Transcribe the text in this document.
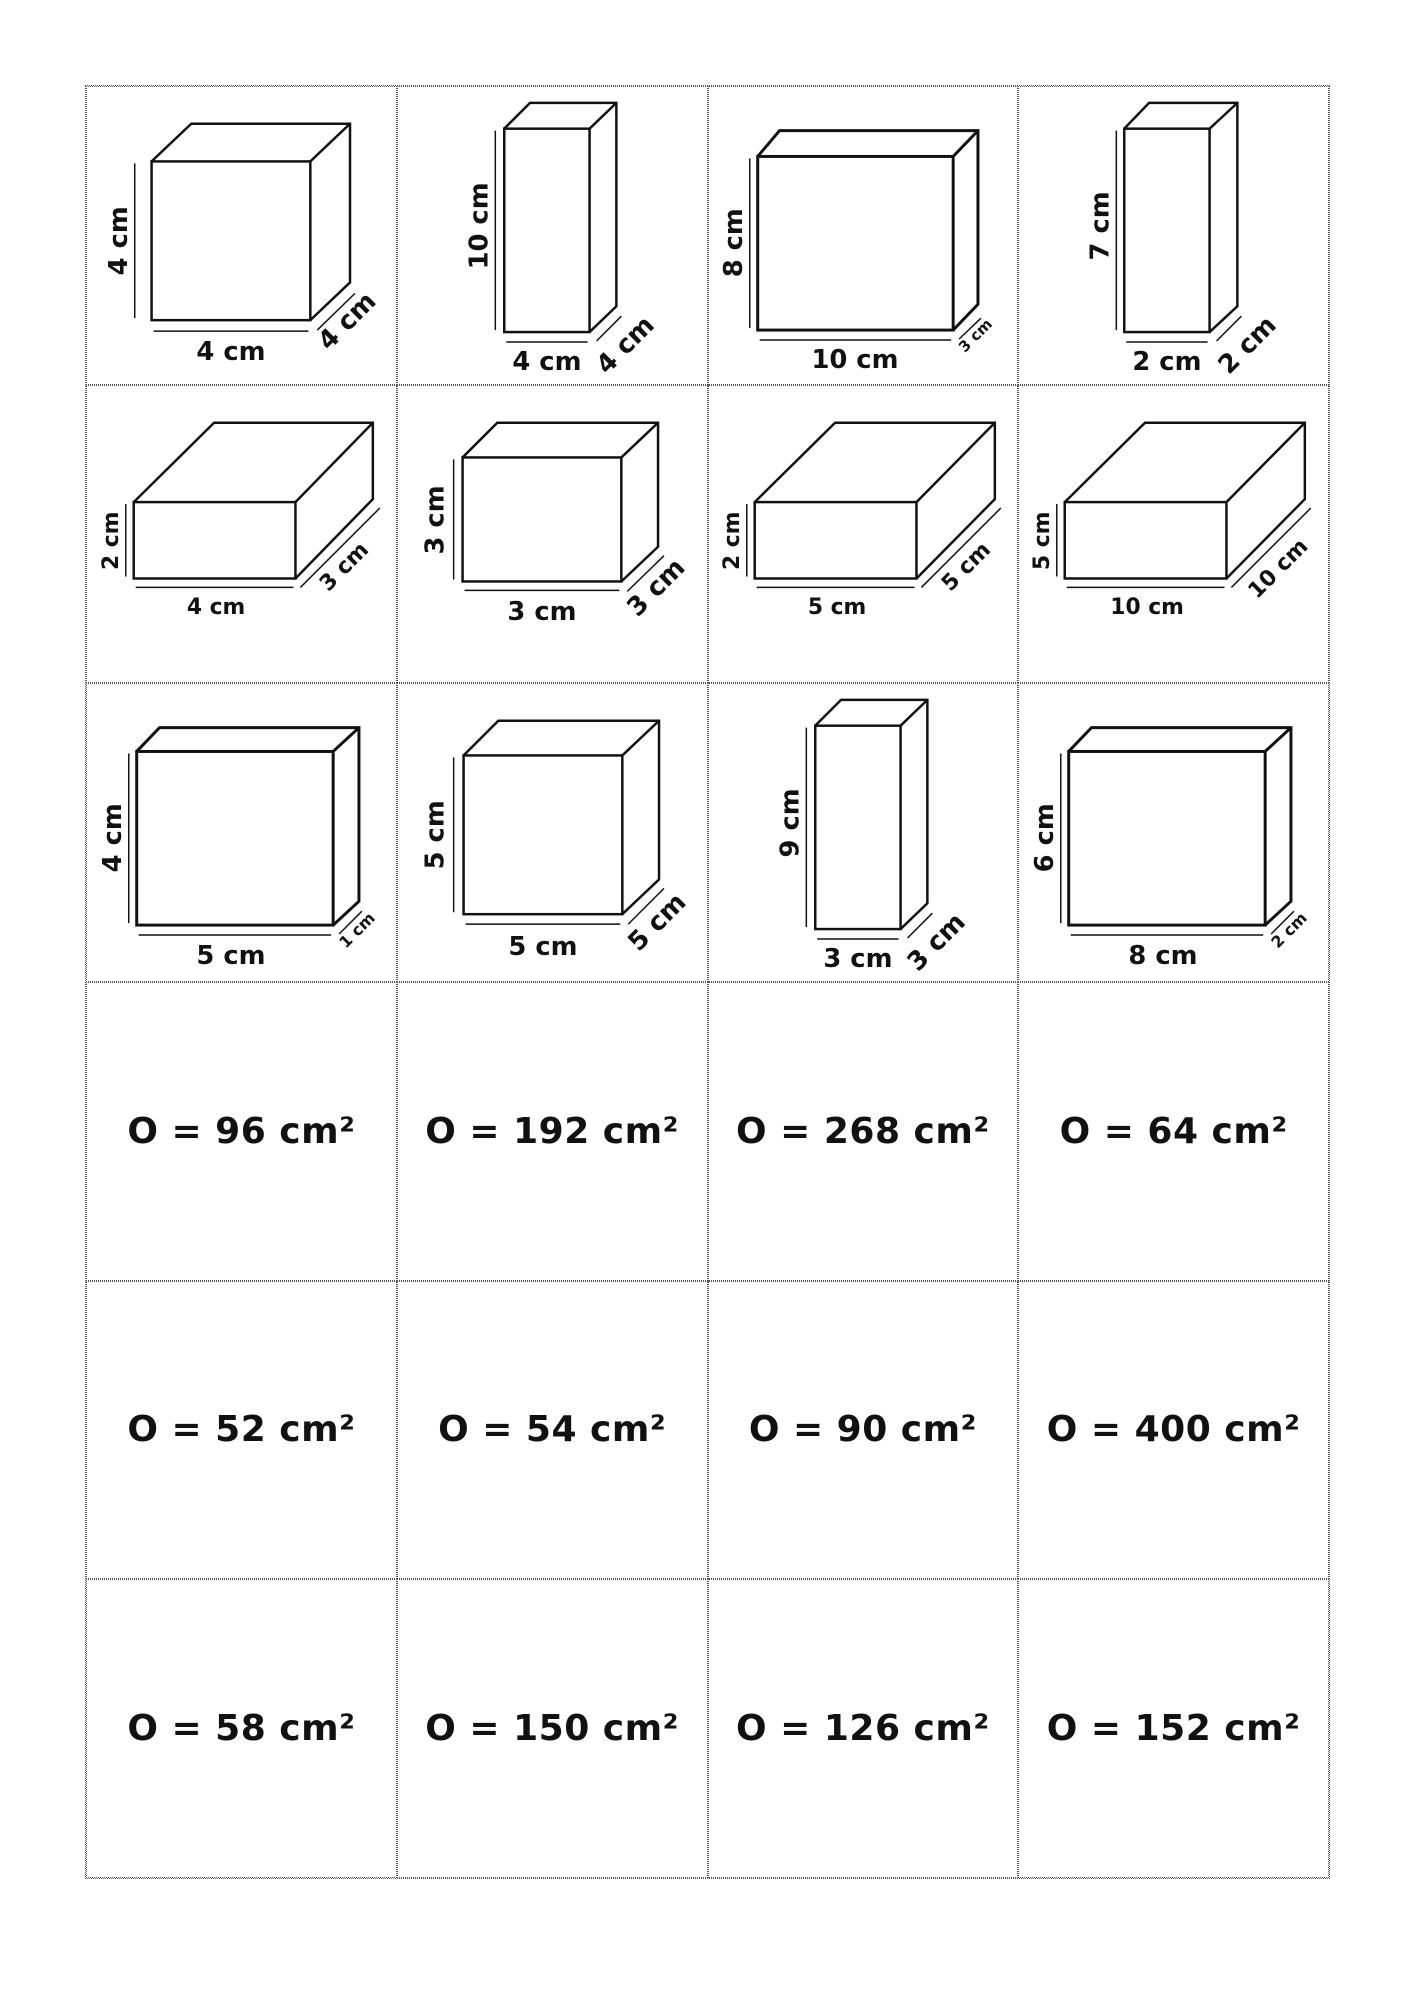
4 cm
4 cm 4 cm
10 cm
4 cm 4 cm
8 cm
10 cm
3 cm
7 cm
2 cm 2 cm
2 cm
4 cm
3 cm
3 cm
3 cm 3 cm
2 cm
5 cm
5 cm 5 cm
10 cm
10 cm
4 cm
5 cm
1 cm
5 cm
5 cm 5 cm
9 cm
3 cm 3 cm
6 cm
8 cm
2 cm
O = 96 cm² O = 192 cm² O = 268 cm² O = 64 cm²
O = 52 cm² O = 54 cm² O = 90 cm² O = 400 cm²
O = 58 cm² O = 150 cm² O = 126 cm² O = 152 cm²
